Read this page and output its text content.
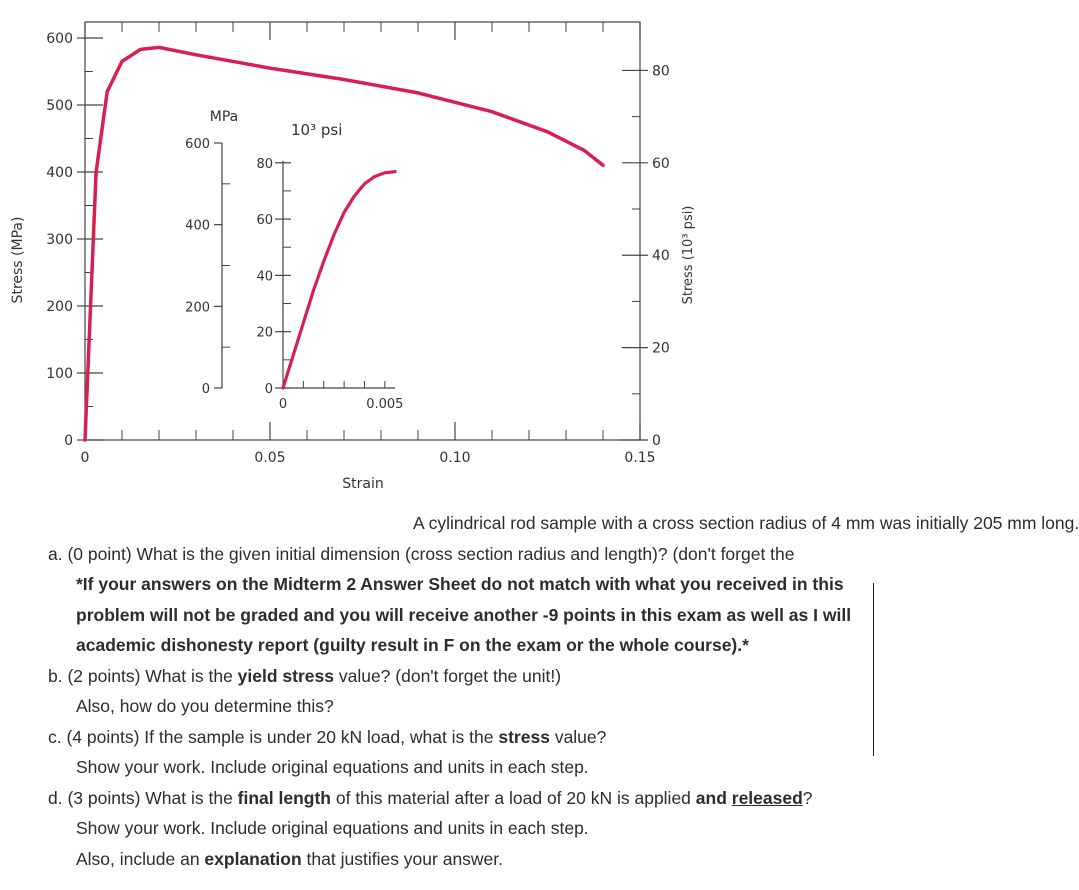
0
100
200
300
400
500
600
0
20
40
60
80
0	0.05	0.10	0.15
MPa
0
200
400
600
10³ psi
0
20
40
60
80
0	0.005
Stress (MPa)	Stress (10³ psi)
Strain
A cylindrical rod sample with a cross section radius of 4 mm was initially 205 mm long.
a. (0 point) What is the given initial dimension (cross section radius and length)? (don't forget the
*If your answers on the Midterm 2 Answer Sheet do not match with what you received in this
problem will not be graded and you will receive another -9 points in this exam as well as I will
academic dishonesty report (guilty result in F on the exam or the whole course).*
b. (2 points) What is the yield stress value? (don't forget the unit!)
Also, how do you determine this?
c. (4 points) If the sample is under 20 kN load, what is the stress value?
Show your work. Include original equations and units in each step.
d. (3 points) What is the final length of this material after a load of 20 kN is applied and released?
Show your work. Include original equations and units in each step.
Also, include an explanation that justifies your answer.
